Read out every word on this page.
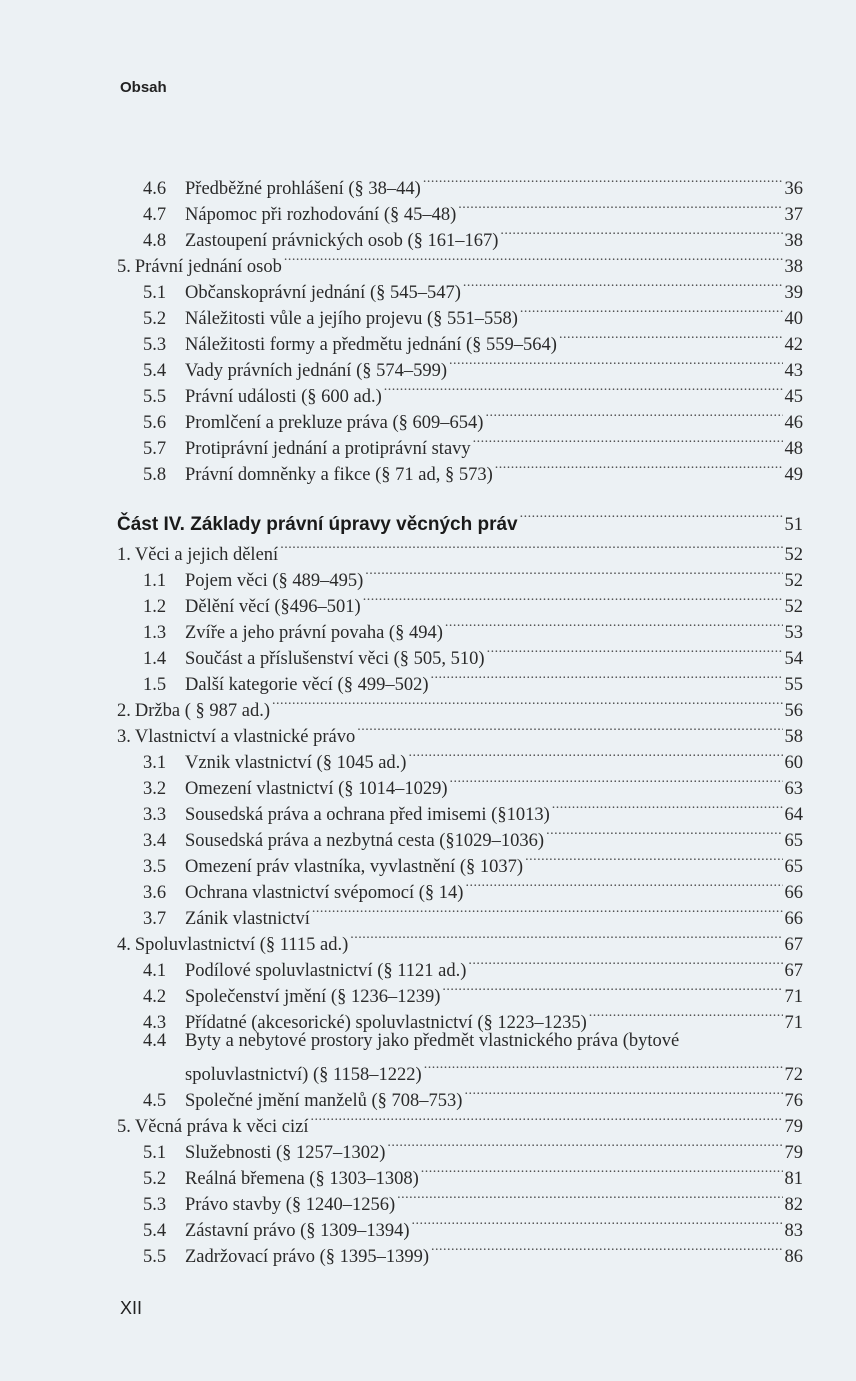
Obsah
4.6	Předběžné prohlášení (§ 38–44) .....	36
4.7	Nápomoc při rozhodování (§ 45–48) .....	37
4.8	Zastoupení právnických osob (§ 161–167) .....	38
5. Právní jednání osob .....	38
5.1	Občanskoprávní jednání (§ 545–547) .....	39
5.2	Náležitosti vůle a jejího projevu (§ 551–558) .....	40
5.3	Náležitosti formy a předmětu jednání (§ 559–564) .....	42
5.4	Vady právních jednání (§ 574–599) .....	43
5.5	Právní události (§ 600 ad.) .....	45
5.6	Promlčení a prekluze práva (§ 609–654) .....	46
5.7	Protiprávní jednání a protiprávní stavy .....	48
5.8	Právní domněnky a fikce (§ 71 ad, § 573) .....	49
Část IV. Základy právní úpravy věcných práv .....	51
1. Věci a jejich dělení .....	52
1.1	Pojem věci (§ 489–495) .....	52
1.2	Dělění věcí (§496–501) .....	52
1.3	Zvíře a jeho právní povaha (§ 494) .....	53
1.4	Součást a příslušenství věci (§ 505, 510) .....	54
1.5	Další kategorie věcí (§ 499–502) .....	55
2. Držba ( § 987 ad.) .....	56
3. Vlastnictví a vlastnické právo .....	58
3.1	Vznik vlastnictví (§ 1045 ad.) .....	60
3.2	Omezení vlastnictví (§ 1014–1029) .....	63
3.3	Sousedská práva a ochrana před imisemi (§1013) .....	64
3.4	Sousedská práva a nezbytná cesta (§1029–1036) .....	65
3.5	Omezení práv vlastníka, vyvlastnění (§ 1037) .....	65
3.6	Ochrana vlastnictví svépomocí (§ 14) .....	66
3.7	Zánik vlastnictví .....	66
4. Spoluvlastnictví (§ 1115 ad.) .....	67
4.1	Podílové spoluvlastnictví (§ 1121 ad.) .....	67
4.2	Společenství jmění (§ 1236–1239) .....	71
4.3	Přídatné (akcesorické) spoluvlastnictví (§ 1223–1235) .....	71
4.4	Byty a nebytové prostory jako předmět vlastnického práva (bytové
spoluvlastnictví) (§ 1158–1222) .....	72
4.5	Společné jmění manželů (§ 708–753) .....	76
5. Věcná práva k věci cizí .....	79
5.1	Služebnosti (§ 1257–1302) .....	79
5.2	Reálná břemena (§ 1303–1308) .....	81
5.3	Právo stavby (§ 1240–1256) .....	82
5.4	Zástavní právo (§ 1309–1394) .....	83
5.5	Zadržovací právo (§ 1395–1399) .....	86
XII
